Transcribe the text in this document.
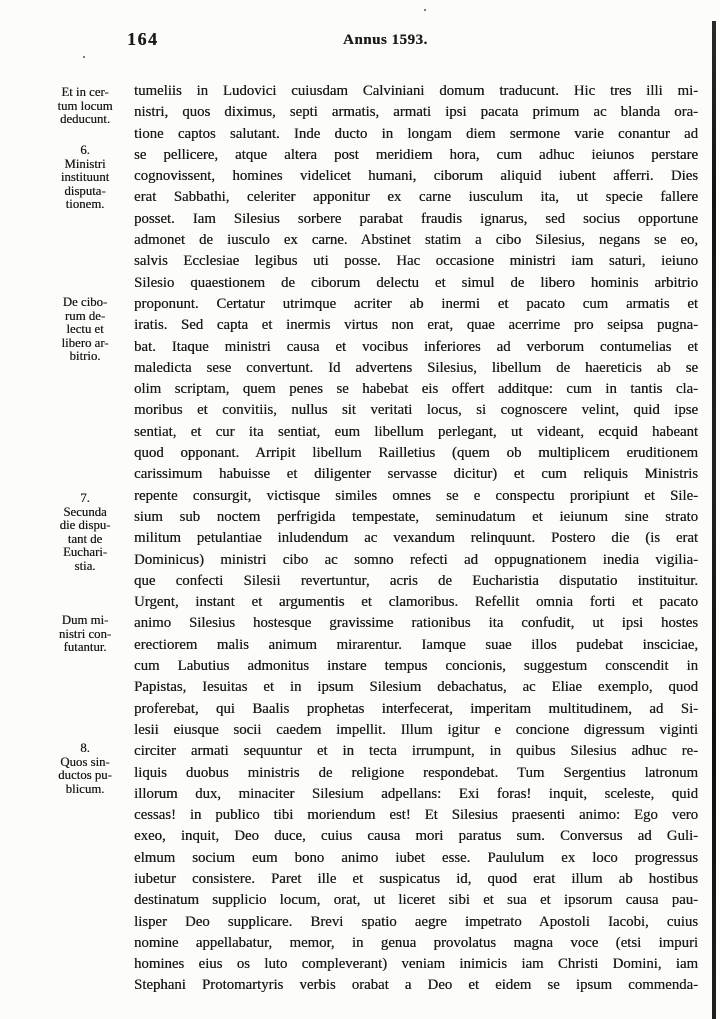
164	Annus 1593.
Et in cer-
tum locum
deducunt.
6.
Ministri
instituunt
disputa-
tionem.
De cibo-
rum de-
lectu et
libero ar-
bitrio.
7.
Secunda
die dispu-
tant de
Euchari-
stia.
Dum mi-
nistri con-
futantur.
8.
Quos sin-
ductos pu-
blicum.
tumeliis in Ludovici cuiusdam Calviniani domum traducunt. Hic tres illi mi-
nistri, quos diximus, septi armatis, armati ipsi pacata primum ac blanda ora-
tione captos salutant. Inde ducto in longam diem sermone varie conantur ad
se pellicere, atque altera post meridiem hora, cum adhuc ieiunos perstare
cognovissent, homines videlicet humani, ciborum aliquid iubent afferri. Dies
erat Sabbathi, celeriter apponitur ex carne iusculum ita, ut specie fallere
posset. Iam Silesius sorbere parabat fraudis ignarus, sed socius opportune
admonet de iusculo ex carne. Abstinet statim a cibo Silesius, negans se eo,
salvis Ecclesiae legibus uti posse. Hac occasione ministri iam saturi, ieiuno
Silesio quaestionem de ciborum delectu et simul de libero hominis arbitrio
proponunt. Certatur utrimque acriter ab inermi et pacato cum armatis et
iratis. Sed capta et inermis virtus non erat, quae acerrime pro seipsa pugna-
bat. Itaque ministri causa et vocibus inferiores ad verborum contumelias et
maledicta sese convertunt. Id advertens Silesius, libellum de haereticis ab se
olim scriptam, quem penes se habebat eis offert additque: cum in tantis cla-
moribus et convitiis, nullus sit veritati locus, si cognoscere velint, quid ipse
sentiat, et cur ita sentiat, eum libellum perlegant, ut videant, ecquid habeant
quod opponant. Arripit libellum Railletius (quem ob multiplicem eruditionem
carissimum habuisse et diligenter servasse dicitur) et cum reliquis Ministris
repente consurgit, victisque similes omnes se e conspectu proripiunt et Sile-
sium sub noctem perfrigida tempestate, seminudatum et ieiunum sine strato
militum petulantiae inludendum ac vexandum relinquunt. Postero die (is erat
Dominicus) ministri cibo ac somno refecti ad oppugnationem inedia vigilia-
que confecti Silesii revertuntur, acris de Eucharistia disputatio instituitur.
Urgent, instant et argumentis et clamoribus. Refellit omnia forti et pacato
animo Silesius hostesque gravissime rationibus ita confudit, ut ipsi hostes
erectiorem malis animum mirarentur. Iamque suae illos pudebat insciciae,
cum Labutius admonitus instare tempus concionis, suggestum conscendit in
Papistas, Iesuitas et in ipsum Silesium debachatus, ac Eliae exemplo, quod
proferebat, qui Baalis prophetas interfecerat, imperitam multitudinem, ad Si-
lesii eiusque socii caedem impellit. Illum igitur e concione digressum viginti
circiter armati sequuntur et in tecta irrumpunt, in quibus Silesius adhuc re-
liquis duobus ministris de religione respondebat. Tum Sergentius latronum
illorum dux, minaciter Silesium adpellans: Exi foras! inquit, sceleste, quid
cessas! in publico tibi moriendum est! Et Silesius praesenti animo: Ego vero
exeo, inquit, Deo duce, cuius causa mori paratus sum. Conversus ad Guli-
elmum socium eum bono animo iubet esse. Paululum ex loco progressus
iubetur consistere. Paret ille et suspicatus id, quod erat illum ab hostibus
destinatum supplicio locum, orat, ut liceret sibi et sua et ipsorum causa pau-
lisper Deo supplicare. Brevi spatio aegre impetrato Apostoli Iacobi, cuius
nomine appellabatur, memor, in genua provolatus magna voce (etsi impuri
homines eius os luto compleverant) veniam inimicis iam Christi Domini, iam
Stephani Protomartyris verbis orabat a Deo et eidem se ipsum commenda-
